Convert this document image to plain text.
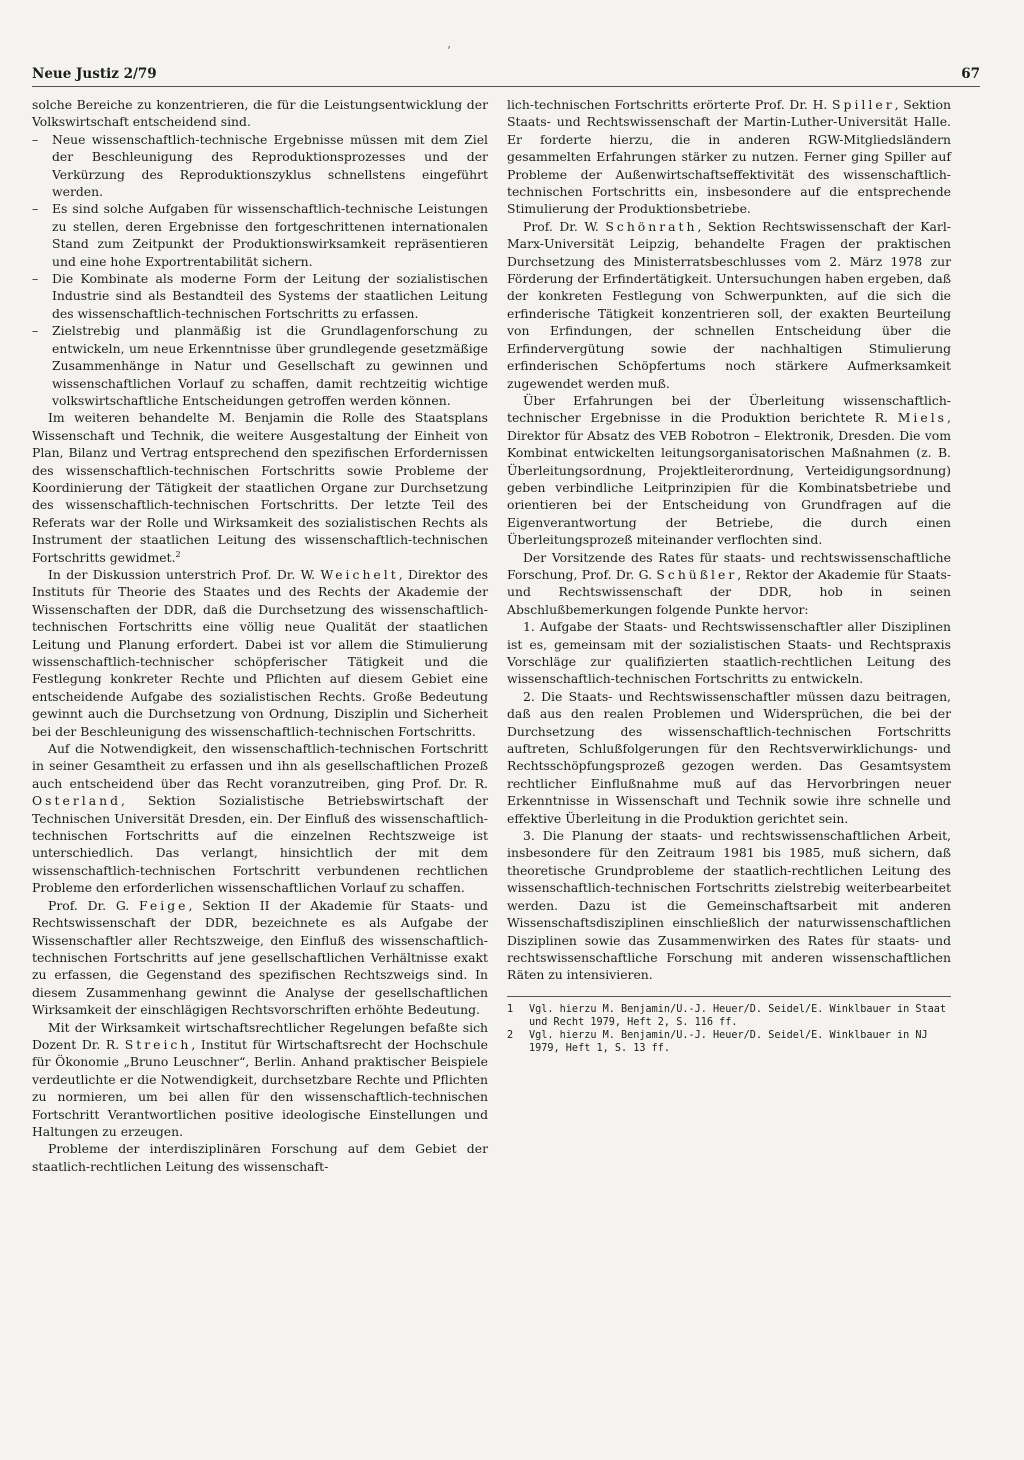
’
Neue Justiz 2/79	67

solche Bereiche zu konzentrieren, die für die Leistungsentwicklung der Volkswirtschaft entscheidend sind.

– Neue wissenschaftlich-technische Ergebnisse müssen mit dem Ziel der Beschleunigung des Reproduktionsprozesses und der Verkürzung des Reproduktionszyklus schnellstens eingeführt werden.
– Es sind solche Aufgaben für wissenschaftlich-technische Leistungen zu stellen, deren Ergebnisse den fortgeschrittenen internationalen Stand zum Zeitpunkt der Produktionswirksamkeit repräsentieren und eine hohe Exportrentabilität sichern.
– Die Kombinate als moderne Form der Leitung der sozialistischen Industrie sind als Bestandteil des Systems der staatlichen Leitung des wissenschaftlich-technischen Fortschritts zu erfassen.
– Zielstrebig und planmäßig ist die Grundlagenforschung zu entwickeln, um neue Erkenntnisse über grundlegende gesetzmäßige Zusammenhänge in Natur und Gesellschaft zu gewinnen und wissenschaftlichen Vorlauf zu schaffen, damit rechtzeitig wichtige volkswirtschaftliche Entscheidungen getroffen werden können.

Im weiteren behandelte M. Benjamin die Rolle des Staatsplans Wissenschaft und Technik, die weitere Ausgestaltung der Einheit von Plan, Bilanz und Vertrag entsprechend den spezifischen Erfordernissen des wissenschaftlich-technischen Fortschritts sowie Probleme der Koordinierung der Tätigkeit der staatlichen Organe zur Durchsetzung des wissenschaftlich-technischen Fortschritts. Der letzte Teil des Referats war der Rolle und Wirksamkeit des sozialistischen Rechts als Instrument der staatlichen Leitung des wissenschaftlich-technischen Fortschritts gewidmet.$^2$

In der Diskussion unterstrich Prof. Dr. W. Weichelt, Direktor des Instituts für Theorie des Staates und des Rechts der Akademie der Wissenschaften der DDR, daß die Durchsetzung des wissenschaftlich-technischen Fortschritts eine völlig neue Qualität der staatlichen Leitung und Planung erfordert. Dabei ist vor allem die Stimulierung wissenschaftlich-technischer schöpferischer Tätigkeit und die Festlegung konkreter Rechte und Pflichten auf diesem Gebiet eine entscheidende Aufgabe des sozialistischen Rechts. Große Bedeutung gewinnt auch die Durchsetzung von Ordnung, Disziplin und Sicherheit bei der Beschleunigung des wissenschaftlich-technischen Fortschritts.

Auf die Notwendigkeit, den wissenschaftlich-technischen Fortschritt in seiner Gesamtheit zu erfassen und ihn als gesellschaftlichen Prozeß auch entscheidend über das Recht voranzutreiben, ging Prof. Dr. R. Osterland, Sektion Sozialistische Betriebswirtschaft der Technischen Universität Dresden, ein. Der Einfluß des wissenschaftlich-technischen Fortschritts auf die einzelnen Rechtszweige ist unterschiedlich. Das verlangt, hinsichtlich der mit dem wissenschaftlich-technischen Fortschritt verbundenen rechtlichen Probleme den erforderlichen wissenschaftlichen Vorlauf zu schaffen.

Prof. Dr. G. Feige, Sektion II der Akademie für Staats- und Rechtswissenschaft der DDR, bezeichnete es als Aufgabe der Wissenschaftler aller Rechtszweige, den Einfluß des wissenschaftlich-technischen Fortschritts auf jene gesellschaftlichen Verhältnisse exakt zu erfassen, die Gegenstand des spezifischen Rechtszweigs sind. In diesem Zusammenhang gewinnt die Analyse der gesellschaftlichen Wirksamkeit der einschlägigen Rechtsvorschriften erhöhte Bedeutung.

Mit der Wirksamkeit wirtschaftsrechtlicher Regelungen befaßte sich Dozent Dr. R. Streich, Institut für Wirtschaftsrecht der Hochschule für Ökonomie „Bruno Leuschner“, Berlin. Anhand praktischer Beispiele verdeutlichte er die Notwendigkeit, durchsetzbare Rechte und Pflichten zu normieren, um bei allen für den wissenschaftlich-technischen Fortschritt Verantwortlichen positive ideologische Einstellungen und Haltungen zu erzeugen.

Probleme der interdisziplinären Forschung auf dem Gebiet der staatlich-rechtlichen Leitung des wissenschaft-

lich-technischen Fortschritts erörterte Prof. Dr. H. Spiller, Sektion Staats- und Rechtswissenschaft der Martin-Luther-Universität Halle. Er forderte hierzu, die in anderen RGW-Mitgliedsländern gesammelten Erfahrungen stärker zu nutzen. Ferner ging Spiller auf Probleme der Außenwirtschaftseffektivität des wissenschaftlich-technischen Fortschritts ein, insbesondere auf die entsprechende Stimulierung der Produktionsbetriebe.

Prof. Dr. W. Schönrath, Sektion Rechtswissenschaft der Karl-Marx-Universität Leipzig, behandelte Fragen der praktischen Durchsetzung des Ministerratsbeschlusses vom 2. März 1978 zur Förderung der Erfindertätigkeit. Untersuchungen haben ergeben, daß der konkreten Festlegung von Schwerpunkten, auf die sich die erfinderische Tätigkeit konzentrieren soll, der exakten Beurteilung von Erfindungen, der schnellen Entscheidung über die Erfindervergütung sowie der nachhaltigen Stimulierung erfinderischen Schöpfertums noch stärkere Aufmerksamkeit zugewendet werden muß.

Über Erfahrungen bei der Überleitung wissenschaftlich-technischer Ergebnisse in die Produktion berichtete R. Miels, Direktor für Absatz des VEB Robotron – Elektronik, Dresden. Die vom Kombinat entwickelten leitungsorganisatorischen Maßnahmen (z. B. Überleitungsordnung, Projektleiterordnung, Verteidigungsordnung) geben verbindliche Leitprinzipien für die Kombinatsbetriebe und orientieren bei der Entscheidung von Grundfragen auf die Eigenverantwortung der Betriebe, die durch einen Überleitungsprozeß miteinander verflochten sind.

Der Vorsitzende des Rates für staats- und rechtswissenschaftliche Forschung, Prof. Dr. G. Schüßler, Rektor der Akademie für Staats- und Rechtswissenschaft der DDR, hob in seinen Abschlußbemerkungen folgende Punkte hervor:

1. Aufgabe der Staats- und Rechtswissenschaftler aller Disziplinen ist es, gemeinsam mit der sozialistischen Staats- und Rechtspraxis Vorschläge zur qualifizierten staatlich-rechtlichen Leitung des wissenschaftlich-technischen Fortschritts zu entwickeln.
2. Die Staats- und Rechtswissenschaftler müssen dazu beitragen, daß aus den realen Problemen und Widersprüchen, die bei der Durchsetzung des wissenschaftlich-technischen Fortschritts auftreten, Schlußfolgerungen für den Rechtsverwirklichungs- und Rechtsschöpfungsprozeß gezogen werden. Das Gesamtsystem rechtlicher Einflußnahme muß auf das Hervorbringen neuer Erkenntnisse in Wissenschaft und Technik sowie ihre schnelle und effektive Überleitung in die Produktion gerichtet sein.
3. Die Planung der staats- und rechtswissenschaftlichen Arbeit, insbesondere für den Zeitraum 1981 bis 1985, muß sichern, daß theoretische Grundprobleme der staatlich-rechtlichen Leitung des wissenschaftlich-technischen Fortschritts zielstrebig weiterbearbeitet werden. Dazu ist die Gemeinschaftsarbeit mit anderen Wissenschaftsdisziplinen einschließlich der naturwissenschaftlichen Disziplinen sowie das Zusammenwirken des Rates für staats- und rechtswissenschaftliche Forschung mit anderen wissenschaftlichen Räten zu intensivieren.
1 Vgl. hierzu M. Benjamin/U.-J. Heuer/D. Seidel/E. Winklbauer in Staat und Recht 1979, Heft 2, S. 116 ff.
2 Vgl. hierzu M. Benjamin/U.-J. Heuer/D. Seidel/E. Winklbauer in NJ 1979, Heft 1, S. 13 ff.
